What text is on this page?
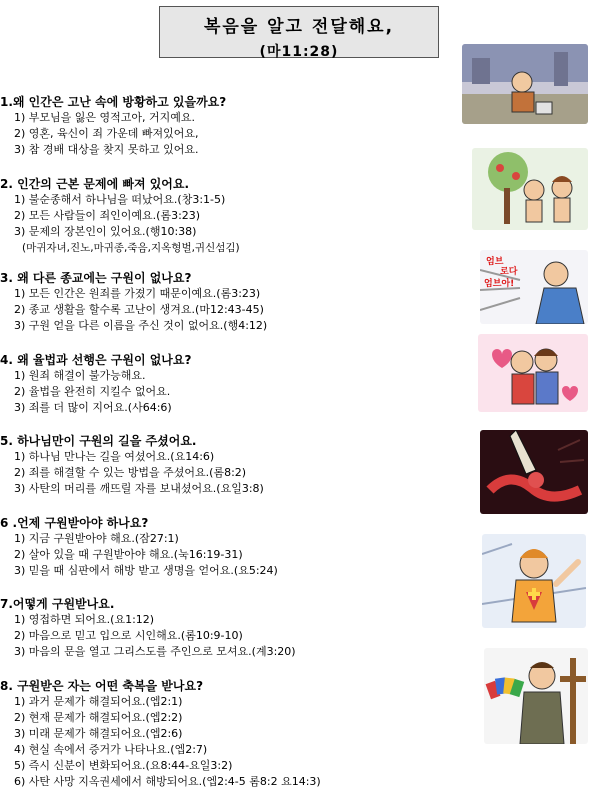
복음을 알고 전달해요,
(마11:28)
1.왜 인간은 고난 속에 방황하고 있을까요?
1) 부모님을 잃은 영적고아, 거지예요.
2) 영혼, 육신이 죄 가운데 빠져있어요,
3) 참 경배 대상을 찾지 못하고 있어요.
2. 인간의 근본 문제에 빠져 있어요.
1) 불순종해서 하나님을 떠났어요.(창3:1-5)
2) 모든 사람들이 죄인이예요.(롬3:23)
3) 문제의 장본인이 있어요.(행10:38)
(마귀자녀,진노,마귀종,죽음,지옥형벌,귀신섬김)
3. 왜 다른 종교에는 구원이 없나요?
1) 모든 인간은 원죄를 가졌기 때문이예요.(롬3:23)
2) 종교 생활을 할수록 고난이 생겨요.(마12:43-45)
3) 구원 얻을 다른 이름을 주신 것이 없어요.(행4:12)
4. 왜 율법과 선행은 구원이 없나요?
1) 원죄 해결이 불가능해요.
2) 율법을 완전히 지킬수 없어요.
3) 죄를 더 많이 지어요.(사64:6)
5. 하나님만이 구원의 길을 주셨어요.
1) 하나님 만나는 길을 여셨어요.(요14:6)
2) 죄를 해결할 수 있는 방법을 주셨어요.(롬8:2)
3) 사탄의 머리를 깨뜨릴 자를 보내셨어요.(요일3:8)
6 .언제 구원받아야 하나요?
1) 지금 구원받아야 해요.(잠27:1)
2) 살아 있을 때 구원받아야 해요.(눅16:19-31)
3) 믿을 때 심판에서 해방 받고 생명을 얻어요.(요5:24)
7.어떻게 구원받나요.
1) 영접하면 되어요.(요1:12)
2) 마음으로 믿고 입으로 시인해요.(롬10:9-10)
3) 마음의 문을 열고 그리스도를 주인으로 모셔요.(계3:20)
8. 구원받은 자는 어떤 축복을 받나요?
1) 과거 문제가 해결되어요.(엡2:1)
2) 현재 문제가 해결되어요.(엡2:2)
3) 미래 문제가 해결되어요.(엡2:6)
4) 현실 속에서 증거가 나타나요.(엡2:7)
5) 즉시 신분이 변화되어요.(요8:44-요일3:2)
6) 사탄 사망 지옥권세에서 해방되어요.(엡2:4-5 롬8:2 요14:3)
엄브
로다
엄브아!
